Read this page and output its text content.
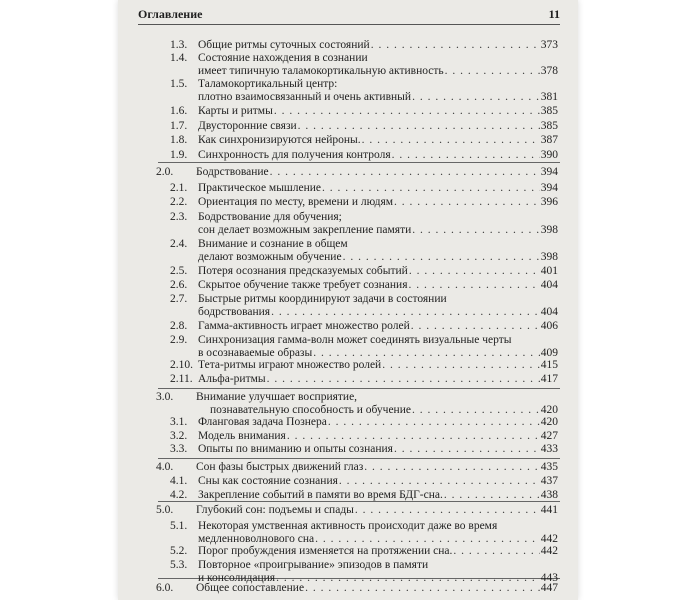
Оглавление	11
1.3. Общие ритмы суточных состояний . . .	373
1.4. Состояние нахождения в сознании
имеет типичную таламокортикальную активность . . .	378
1.5. Таламокортикальный центр:
плотно взаимосвязанный и очень активный . . .	381
1.6. Карты и ритмы . . .	385
1.7. Двусторонние связи . . .	385
1.8. Как синхронизируются нейроны. . . .	387
1.9. Синхронность для получения контроля . . .	390
2.0. Бодрствование . . .	394
2.1. Практическое мышление . . .	394
2.2. Ориентация по месту, времени и людям . . .	396
2.3. Бодрствование для обучения;
сон делает возможным закрепление памяти . . .	398
2.4. Внимание и сознание в общем
делают возможным обучение . . .	398
2.5. Потеря осознания предсказуемых событий . . .	401
2.6. Скрытое обучение также требует сознания . . .	404
2.7. Быстрые ритмы координируют задачи в состоянии
бодрствования . . .	404
2.8. Гамма-активность играет множество ролей . . .	406
2.9. Синхронизация гамма-волн может соединять визуальные черты
в осознаваемые образы . . .	409
2.10. Тета-ритмы играют множество ролей . . .	415
2.11. Альфа-ритмы . . .	417
3.0. Внимание улучшает восприятие,
познавательную способность и обучение . . .	420
3.1. Фланговая задача Познера . . .	420
3.2. Модель внимания . . .	427
3.3. Опыты по вниманию и опыты сознания . . .	433
4.0. Сон фазы быстрых движений глаз . . .	435
4.1. Сны как состояние сознания . . .	437
4.2. Закрепление событий в памяти во время БДГ-сна. . . .	438
5.0. Глубокий сон: подъемы и спады . . .	441
5.1. Некоторая умственная активность происходит даже во время
медленноволнового сна . . .	442
5.2. Порог пробуждения изменяется на протяжении сна. . . .	442
5.3. Повторное «проигрывание» эпизодов в памяти
и консолидация . . .	443
6.0. Общее сопоставление . . .	447
